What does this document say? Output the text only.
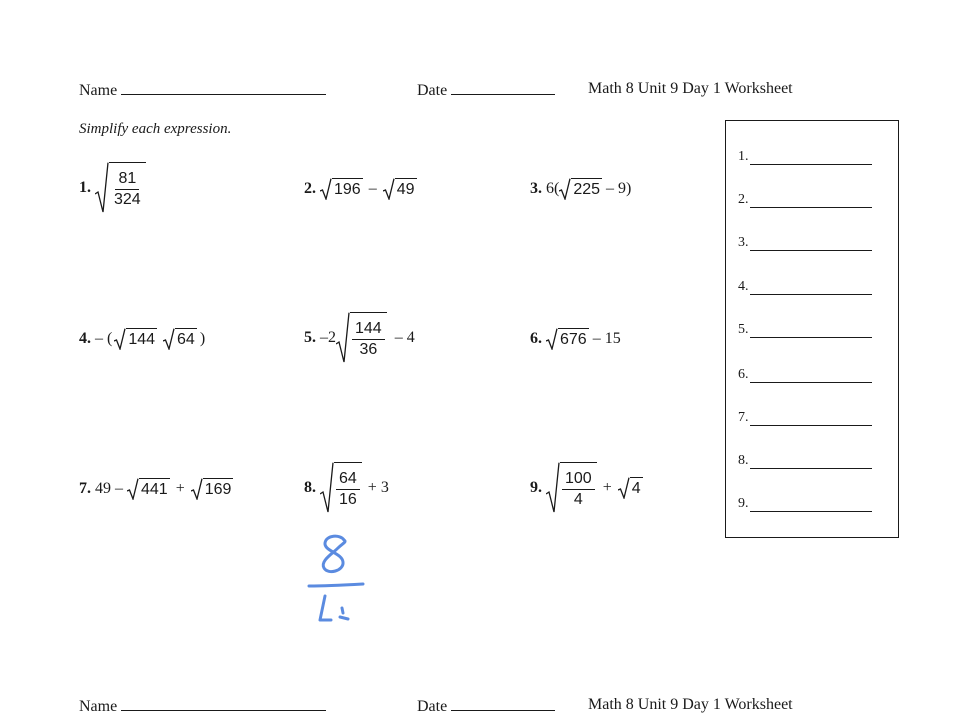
Name	Date	Math 8 Unit 9 Day 1 Worksheet
Simplify each expression.
1. $\frac{81}{324}$	2. 196 – 49	3. 6( 225 – 9)
4. – ( 144 64 )	5. $-2 \frac{144}{36} - 4$	6. 676 – 15
7. 49 – 441 + 169	8. $\frac{64}{16} + 3$	9. $\frac{100}{4} + 4$
1.
2.
3.
4.
5.
6.
7.
8.
9.
Name	Date	Math 8 Unit 9 Day 1 Worksheet
